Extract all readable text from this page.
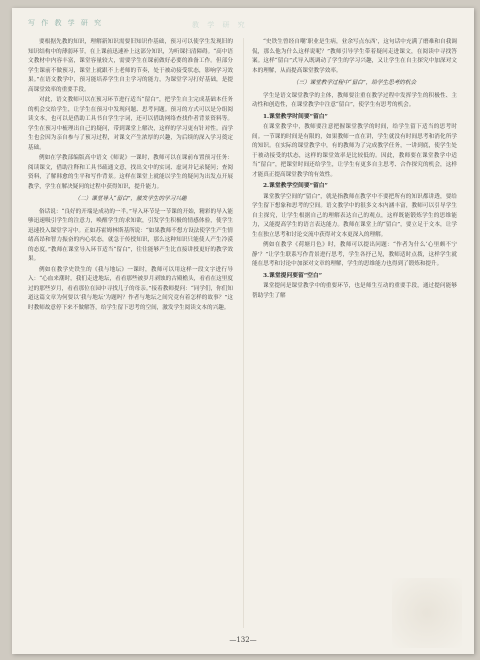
写 作 教 学 研 究	教 学 研 究

要根据先教的知识，理解新知识需要旧知识作基础，预习可以使学生发现旧的知识结构中的薄弱环节，在上课前迅速补上这部分知识，为听课扫清障碍。“高中语文教材中内容丰富，课堂容量较大，需要学生在课前做好必要的准备工作。但部分学生课前不做预习，课堂上就跟不上老师的节奏，处于被动接受状态，影响学习效果。”在语文教学中，预习能培养学生自主学习的能力，为课堂学习打好基础，是提高课堂效率的重要手段。

对此，语文教师可以在预习环节进行适当“留白”，把学生自主完成基础本任务的机会交给学生，让学生在预习中发现问题、思考问题。预习的方式可以是分组阅读文本，也可以是借助工具书自学生字词，还可以借助网络查找作者背景资料等。学生在预习中梳理出自己的疑问，带到课堂上解决，这样的学习更有针对性。而学生也会因为亲自参与了预习过程，对课文产生浓厚的兴趣，为后续的深入学习奠定基础。

例如在学教部编版高中语文《师说》一课时，教师可以在课前布置预习任务：阅读课文，借助注释和工具书疏通文意，找出文中的实词、虚词并记录疑问；查阅资料，了解韩愈的生平和写作背景。这样在课堂上就能以学生的疑问为出发点开展教学，学生在解决疑问的过程中获得知识，提升能力。

（二）课堂导入“留白”，激发学生的学习兴趣

俗话说：“良好的开端是成功的一半。”导入环节是一节课的开始，精彩的导入能够迅速吸引学生的注意力，唤醒学生的求知欲，引发学生积极的情感体验，使学生迅速投入课堂学习中。正如苏霍姆林斯基所说：“如果教师不想方设法使学生产生情绪高昂和智力振奋的内心状态，就急于传授知识，那么这种知识只能使人产生冷漠的态度。”教师在课堂导入环节适当“留白”，往往能够产生比直接讲授更好的教学效果。

例如在教学史铁生的《我与地坛》一课时，教师可以用这样一段文字进行导入：“心血来潮时，我们走进地坛，看看那些被岁月剥蚀的古殿檐头，看看在这里度过的那些岁月，看看那位在园中寻找儿子的母亲。”接着教师提问：“同学们，你们知道这篇文章为何要以‘我与地坛’为题吗？作者与地坛之间究竟有着怎样的故事？”这时教师故意停下来不做解答，给学生留下思考的空间，激发学生阅读文本的兴趣。

“史铁生曾经自嘲‘职业是生病，业余写点东西’，这句话中充满了磨难和自我调侃，那么他为什么这样说呢？”教师引导学生带着疑问走进课文，在阅读中寻找答案。这样“留白”式导入既调动了学生的学习兴趣，又让学生在自主探究中加深对文本的理解，从而提高课堂教学效率。

（三）课堂教学过程中“留白”，给学生思考的机会

学生是语文课堂教学的主体，教师要注重在教学过程中发挥学生的积极性、主动性和创造性，在课堂教学中注意“留白”，使学生有思考的机会。

1.课堂教学时间要“留白”

在课堂教学中，教师要注意把握课堂教学的时间，给学生留下适当的思考时间。一节课的时间是有限的，如果教师一直在讲，学生就没有时间思考和消化所学的知识。在实际的课堂教学中，有的教师为了完成教学任务，一讲到底，使学生处于被动接受的状态，这样的课堂效率是比较低的。因此，教师要在课堂教学中适当“留白”，把课堂时间还给学生，让学生有更多自主思考、合作探究的机会，这样才能真正提高课堂教学的有效性。

2.课堂教学空间要“留白”

课堂教学空间的“留白”，就是指教师在教学中不要把所有的知识都讲透，要给学生留下想象和思考的空间。语文教学中的很多文本内涵丰富，教师可以引导学生自主探究，让学生根据自己的理解表达自己的观点，这样既能锻炼学生的思维能力，又能提高学生的语言表达能力。教师在课堂上的“留白”，要立足于文本，让学生在独立思考和讨论交流中获得对文本更深入的理解。

例如在教学《荷塘月色》时，教师可以提出问题：“作者为什么‘心里颇不宁静’？”让学生联系写作背景进行思考，学生各抒己见，教师适时点拨，这样学生就能在思考和讨论中加深对文章的理解，学生的思维能力也得到了锻炼和提升。

3.课堂提问要留“空白”

课堂提问是课堂教学中的重要环节，也是师生互动的重要手段，通过提问能够帮助学生了解

—132—
